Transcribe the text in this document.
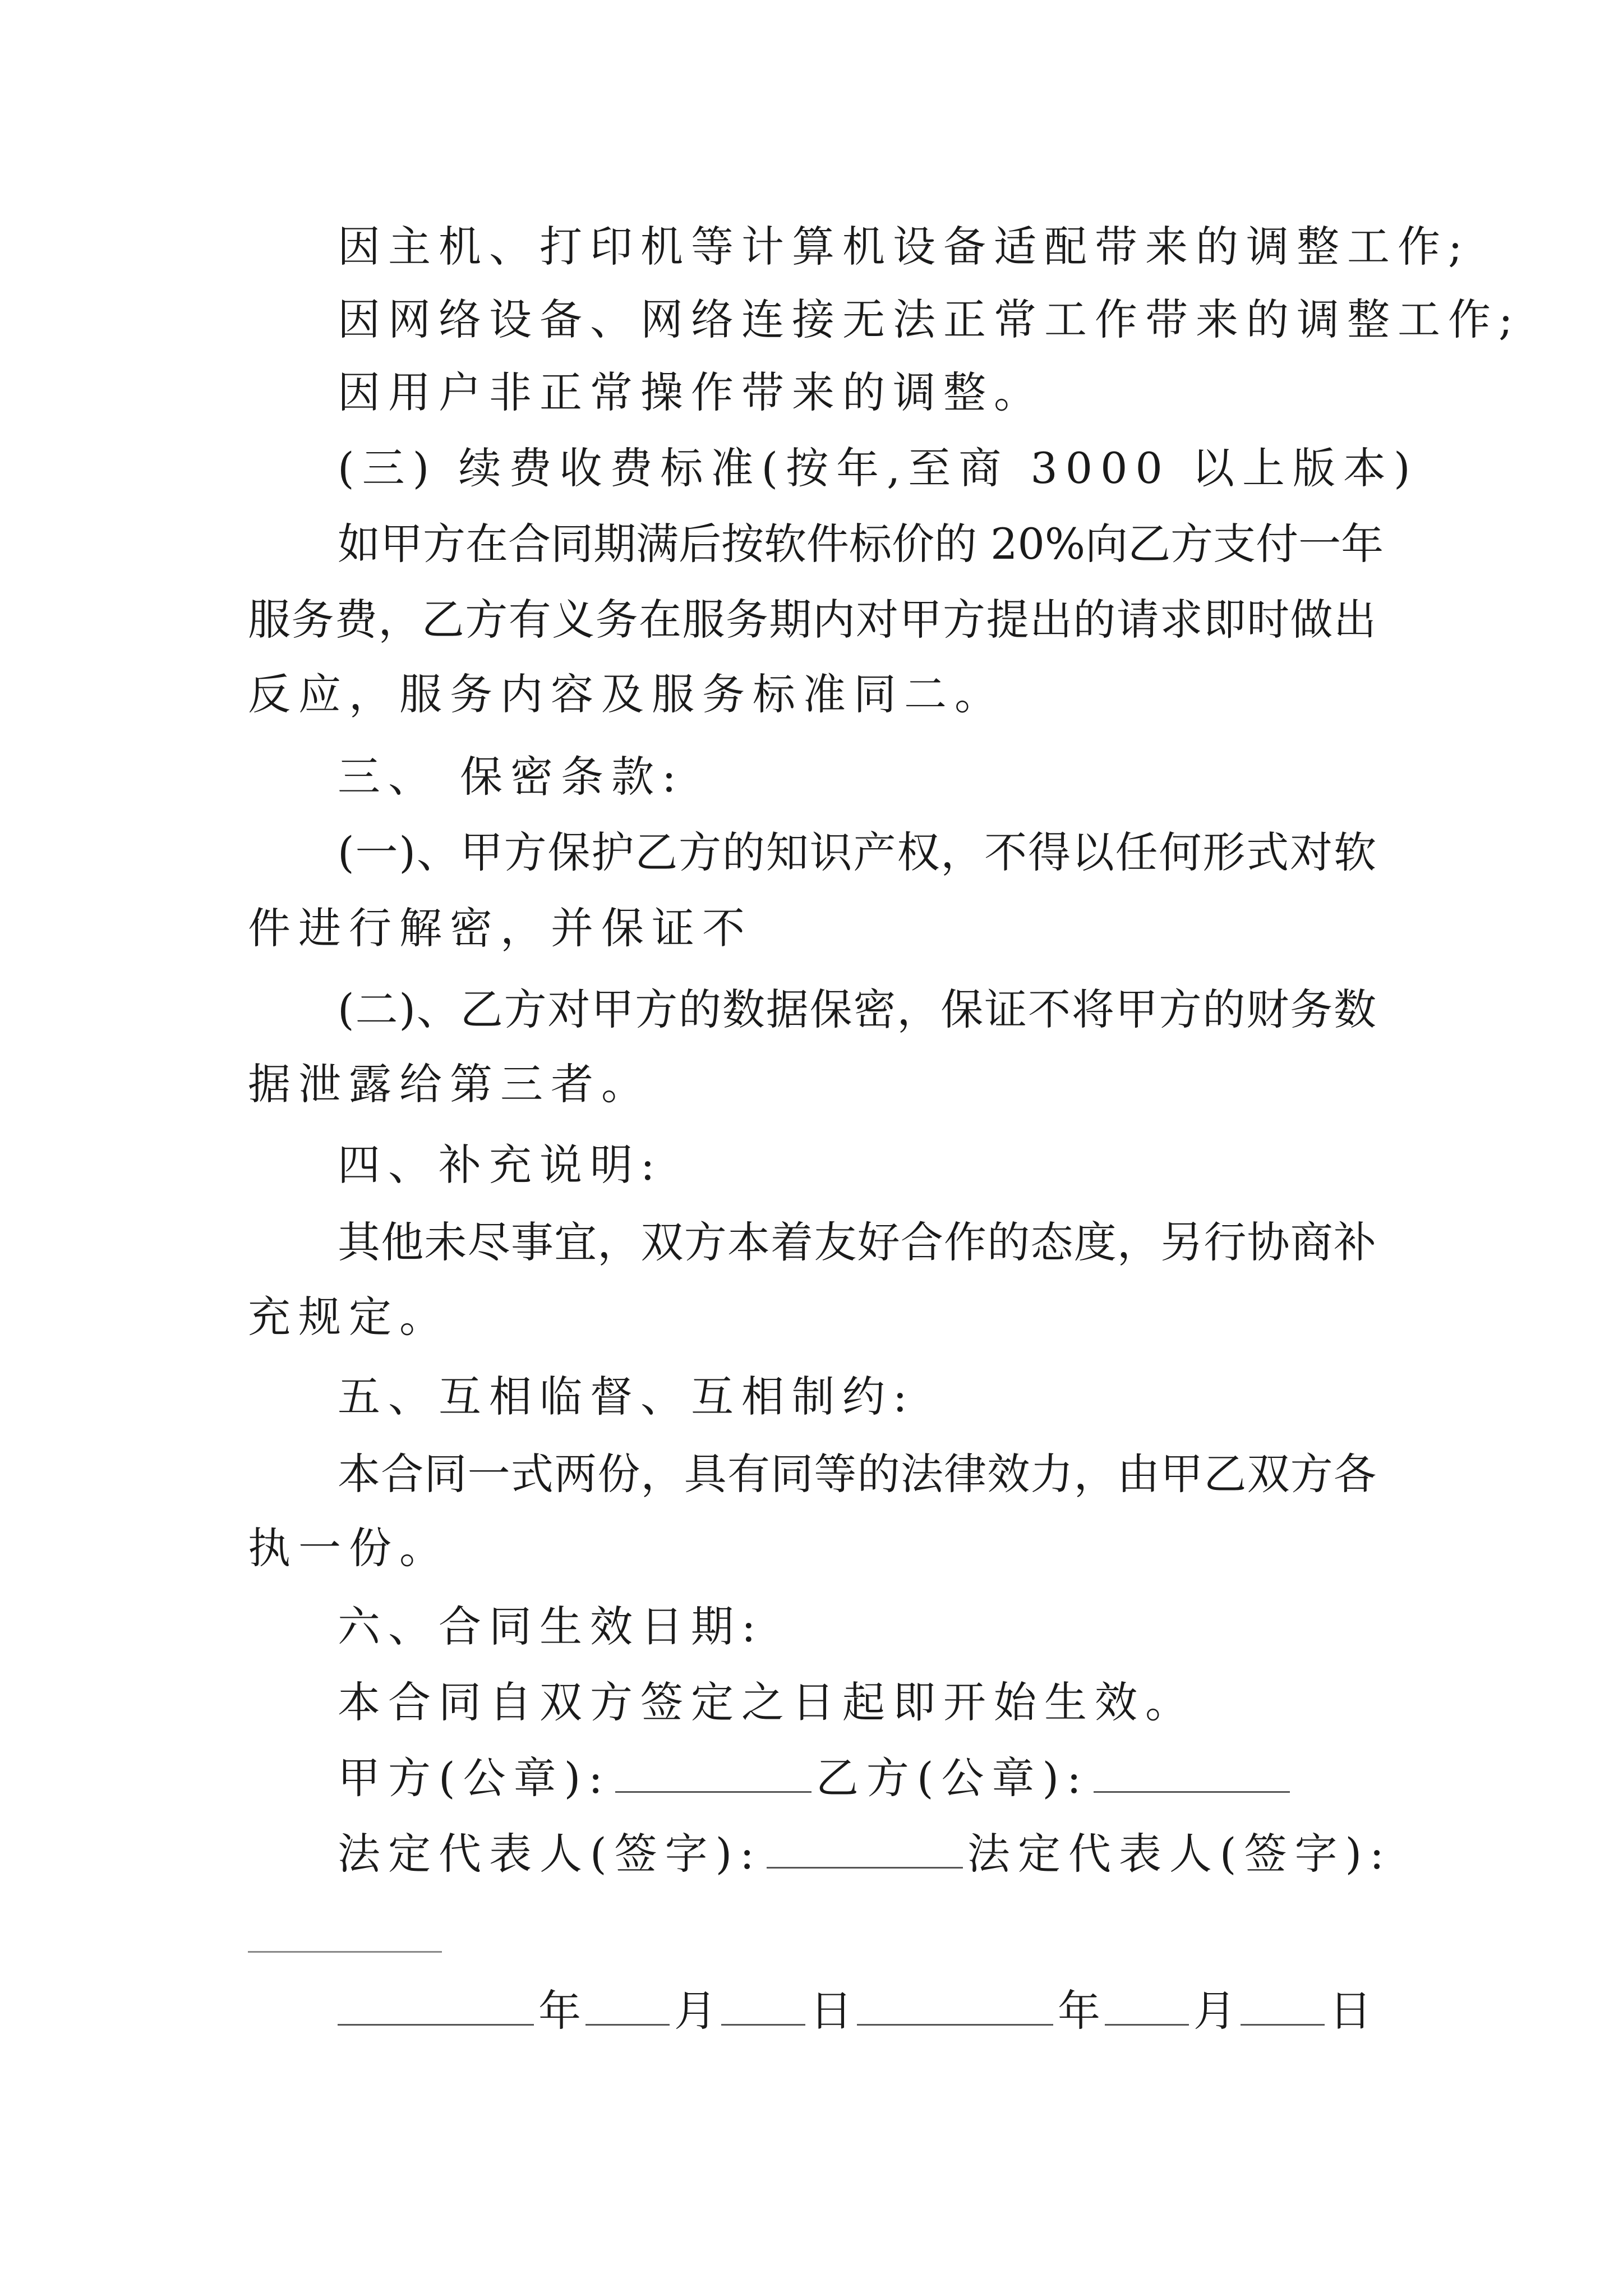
因主机、打印机等计算机设备适配带来的调整工作;
因网络设备、网络连接无法正常工作带来的调整工作;
因用户非正常操作带来的调整。
(三) 续费收费标准(按年,至商 3000 以上版本)
如甲方在合同期满后按软件标价的 20%向乙方支付一年
服务费，乙方有义务在服务期内对甲方提出的请求即时做出
反应，服务内容及服务标准同二。
三、 保密条款:
(一)、甲方保护乙方的知识产权，不得以任何形式对软
件进行解密，并保证不
(二)、乙方对甲方的数据保密，保证不将甲方的财务数
据泄露给第三者。
四、补充说明:
其他未尽事宜，双方本着友好合作的态度，另行协商补
充规定。
五、互相临督、互相制约:
本合同一式两份，具有同等的法律效力，由甲乙双方各
执一份。
六、合同生效日期:
本合同自双方签定之日起即开始生效。
甲方(公章):	乙方(公章):
法定代表人(签字):	法定代表人(签字):
年 月 日	年 月 日
